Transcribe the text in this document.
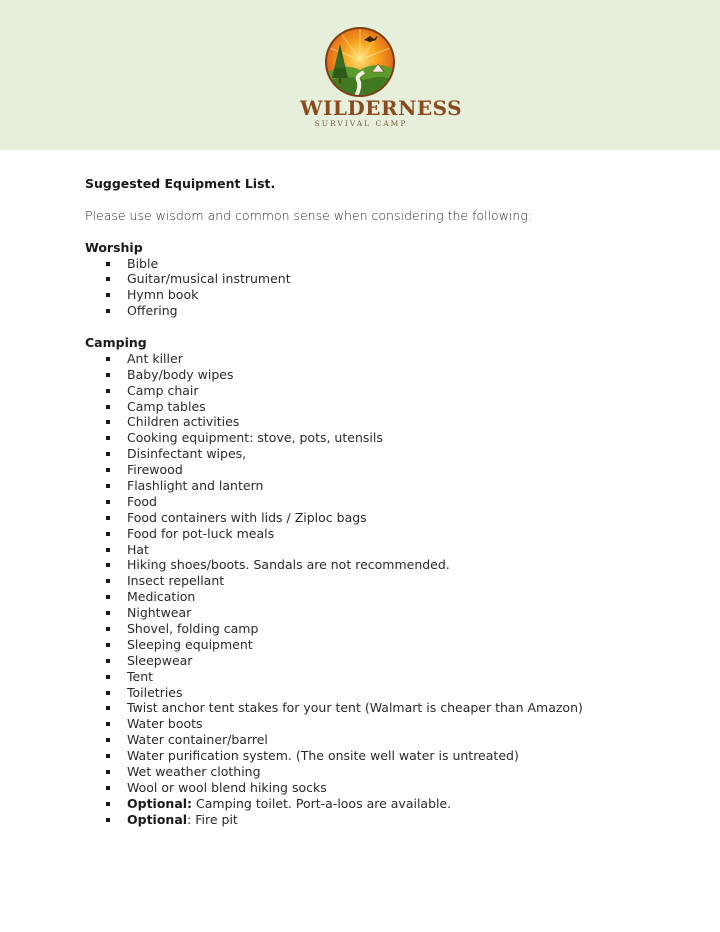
WILDERNESS
SURVIVAL CAMP

Suggested Equipment List.

Please use wisdom and common sense when considering the following:

Worship

Bible
Guitar/musical instrument
Hymn book
Offering

Camping

Ant killer
Baby/body wipes
Camp chair
Camp tables
Children activities
Cooking equipment: stove, pots, utensils
Disinfectant wipes,
Firewood
Flashlight and lantern
Food
Food containers with lids / Ziploc bags
Food for pot-luck meals
Hat
Hiking shoes/boots. Sandals are not recommended.
Insect repellant
Medication
Nightwear
Shovel, folding camp
Sleeping equipment
Sleepwear
Tent
Toiletries
Twist anchor tent stakes for your tent (Walmart is cheaper than Amazon)
Water boots
Water container/barrel
Water purification system. (The onsite well water is untreated)
Wet weather clothing
Wool or wool blend hiking socks
Optional: Camping toilet. Port-a-loos are available.
Optional: Fire pit
